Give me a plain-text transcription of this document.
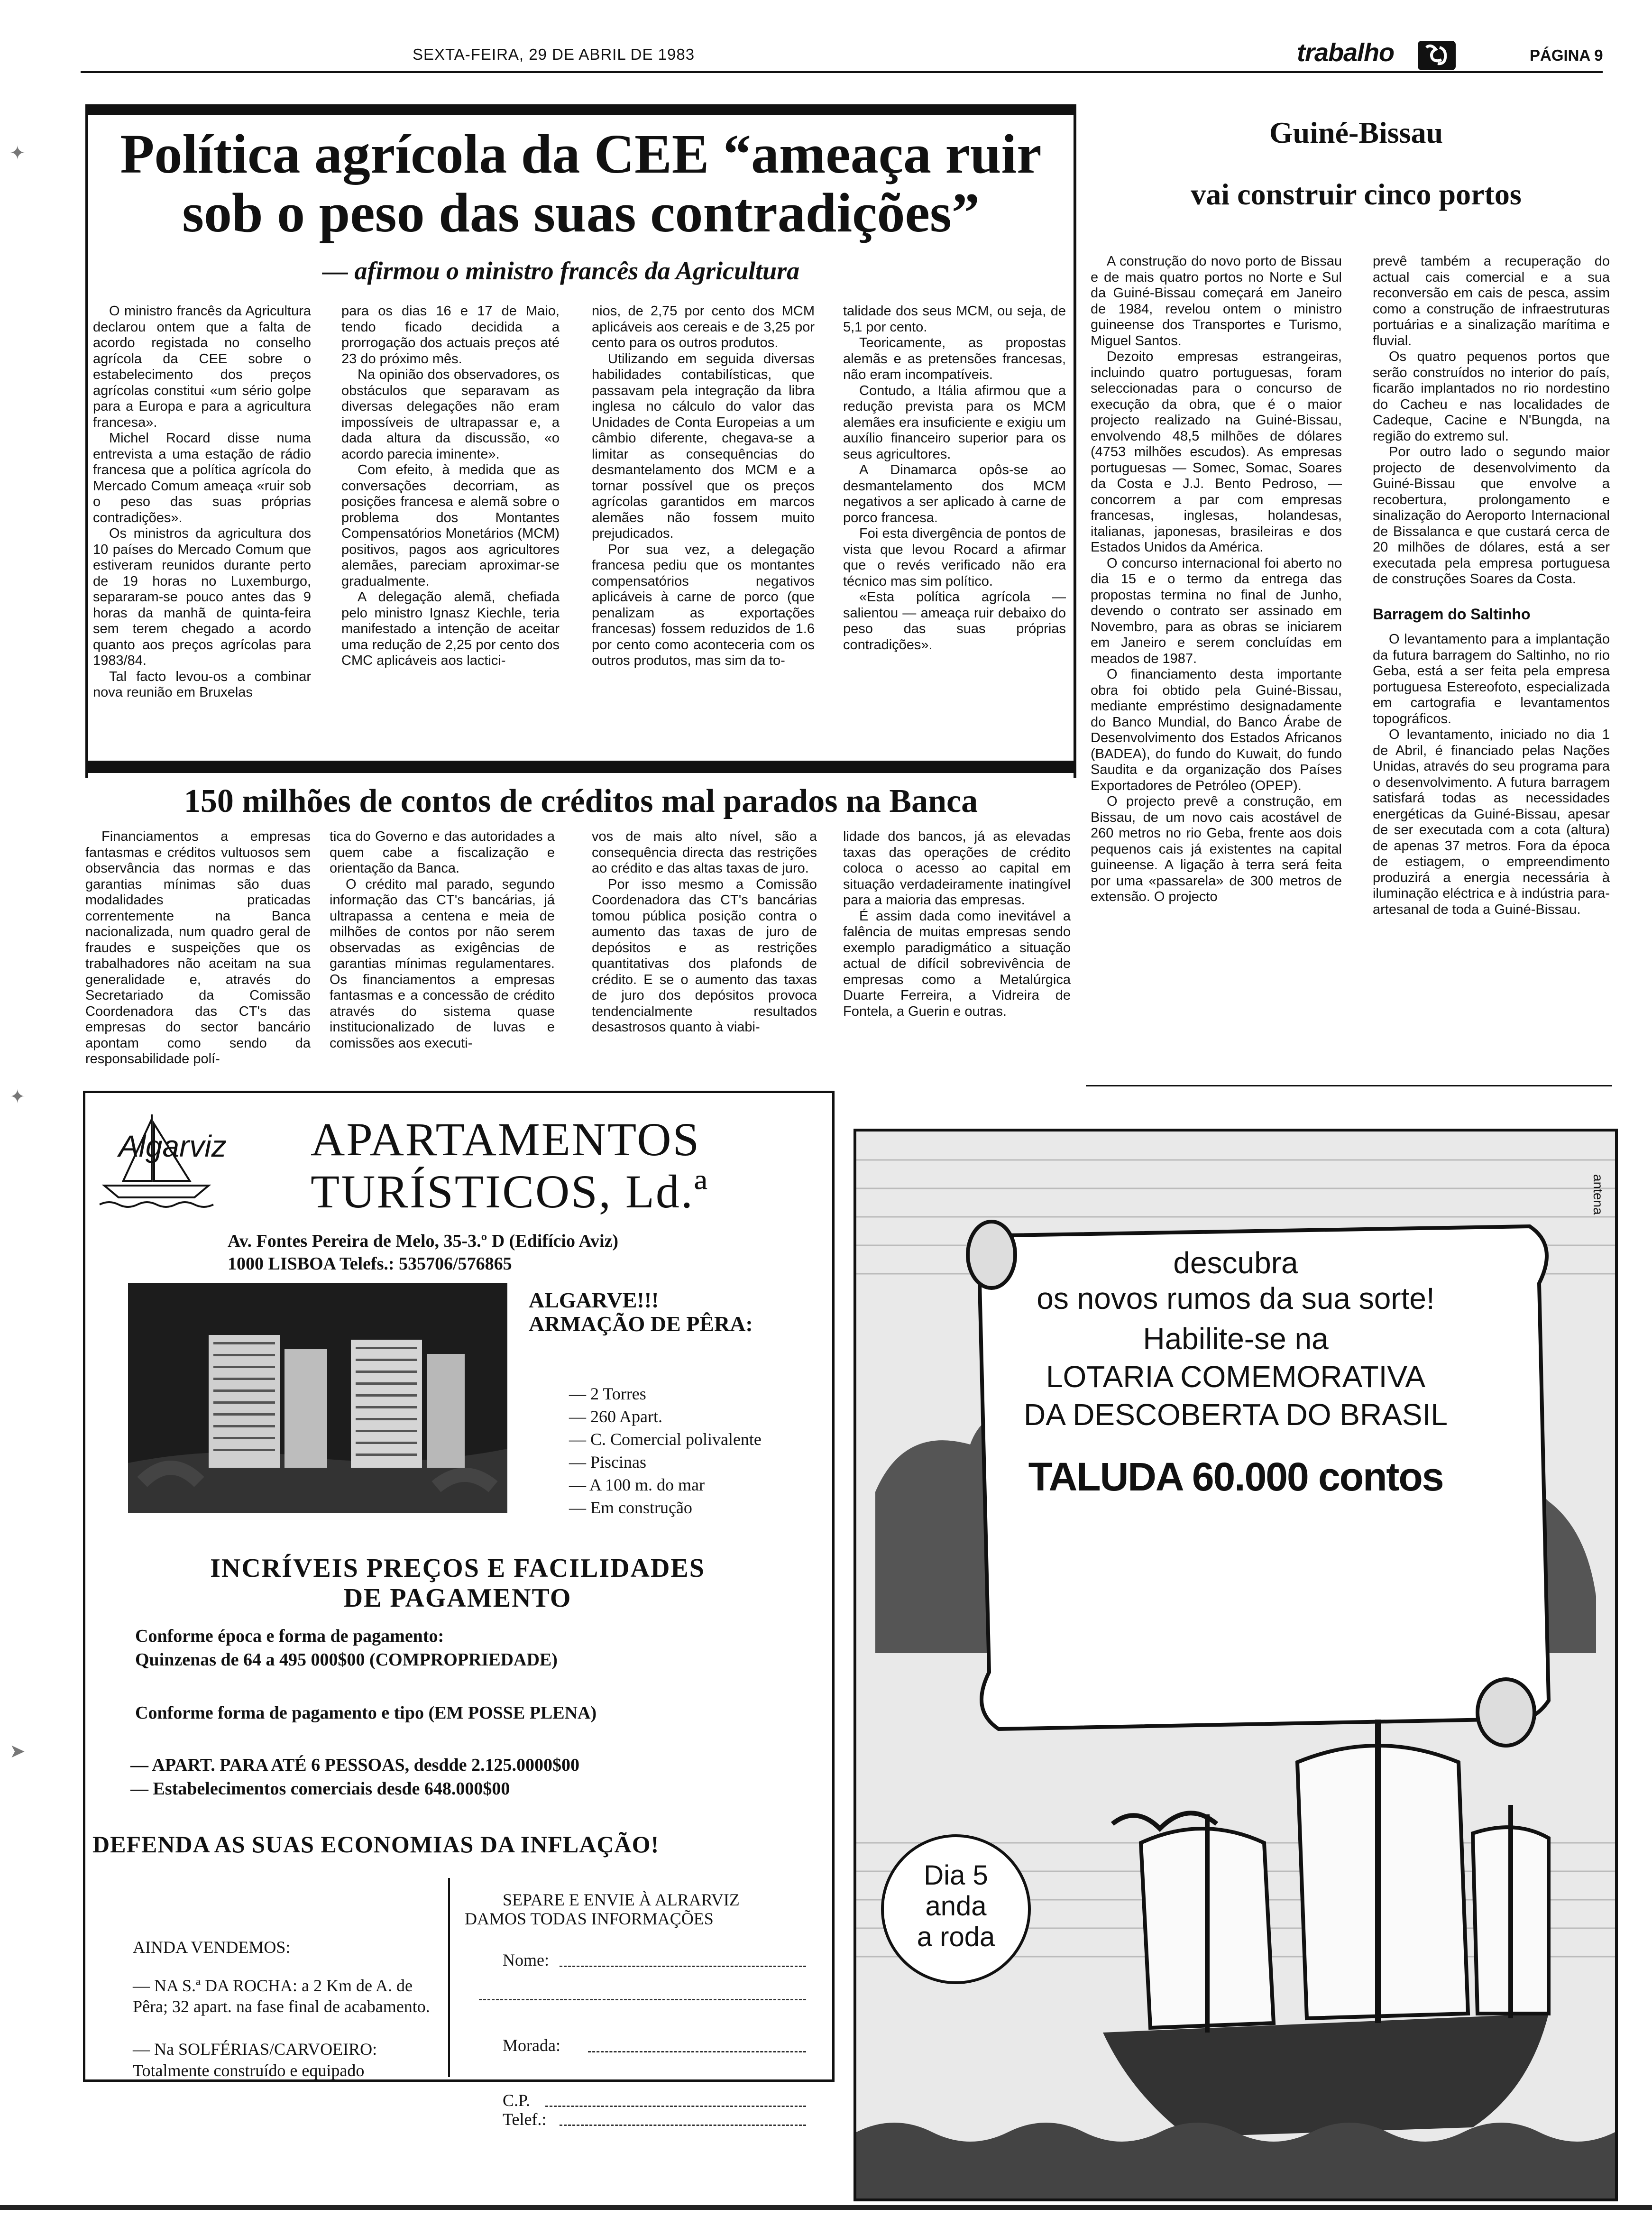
SEXTA-FEIRA, 29 DE ABRIL DE 1983	trabalho	PÁGINA 9
Política agrícola da CEE “ameaça ruir
sob o peso das suas contradições”
— afirmou o ministro francês da Agricultura

O ministro francês da Agricultura declarou ontem que a falta de acordo registada no conselho agrícola da CEE sobre o estabelecimento dos preços agrícolas constitui «um sério golpe para a Europa e para a agricultura francesa».

Michel Rocard disse numa entrevista a uma estação de rádio francesa que a política agrícola do Mercado Comum ameaça «ruir sob o peso das suas próprias contradições».

Os ministros da agricultura dos 10 países do Mercado Comum que estiveram reunidos durante perto de 19 horas no Luxemburgo, separaram-se pouco antes das 9 horas da manhã de quinta-feira sem terem chegado a acordo quanto aos preços agrícolas para 1983/84.

Tal facto levou-os a combinar nova reunião em Bruxelas

para os dias 16 e 17 de Maio, tendo ficado decidida a prorrogação dos actuais preços até 23 do próximo mês.

Na opinião dos observadores, os obstáculos que separavam as diversas delegações não eram impossíveis de ultrapassar e, a dada altura da discussão, «o acordo parecia iminente».

Com efeito, à medida que as conversações decorriam, as posições francesa e alemã sobre o problema dos Montantes Compensatórios Monetários (MCM) positivos, pagos aos agricultores alemães, pareciam aproximar-se gradualmente.

A delegação alemã, chefiada pelo ministro Ignasz Kiechle, teria manifestado a intenção de aceitar uma redução de 2,25 por cento dos CMC aplicáveis aos lactici-

nios, de 2,75 por cento dos MCM aplicáveis aos cereais e de 3,25 por cento para os outros produtos.

Utilizando em seguida diversas habilidades contabilísticas, que passavam pela integração da libra inglesa no cálculo do valor das Unidades de Conta Europeias a um câmbio diferente, chegava-se a limitar as consequências do desmantelamento dos MCM e a tornar possível que os preços agrícolas garantidos em marcos alemães não fossem muito prejudicados.

Por sua vez, a delegação francesa pediu que os montantes compensatórios negativos aplicáveis à carne de porco (que penalizam as exportações francesas) fossem reduzidos de 1.6 por cento como aconteceria com os outros produtos, mas sim da to-

talidade dos seus MCM, ou seja, de 5,1 por cento.

Teoricamente, as propostas alemãs e as pretensões francesas, não eram incompatíveis.

Contudo, a Itália afirmou que a redução prevista para os MCM alemães era insuficiente e exigiu um auxílio financeiro superior para os seus agricultores.

A Dinamarca opôs-se ao desmantelamento dos MCM negativos a ser aplicado à carne de porco francesa.

Foi esta divergência de pontos de vista que levou Rocard a afirmar que o revés verificado não era técnico mas sim político.

«Esta política agrícola — salientou — ameaça ruir debaixo do peso das suas próprias contradições».

150 milhões de contos de créditos mal parados na Banca

Financiamentos a empresas fantasmas e créditos vultuosos sem observância das normas e das garantias mínimas são duas modalidades praticadas correntemente na Banca nacionalizada, num quadro geral de fraudes e suspeições que os trabalhadores não aceitam na sua generalidade e, através do Secretariado da Comissão Coordenadora das CT's das empresas do sector bancário apontam como sendo da responsabilidade polí-

tica do Governo e das autoridades a quem cabe a fiscalização e orientação da Banca.

O crédito mal parado, segundo informação das CT's bancárias, já ultrapassa a centena e meia de milhões de contos por não serem observadas as exigências de garantias mínimas regulamentares. Os financiamentos a empresas fantasmas e a concessão de crédito através do sistema quase institucionalizado de luvas e comissões aos executi-

vos de mais alto nível, são a consequência directa das restrições ao crédito e das altas taxas de juro.

Por isso mesmo a Comissão Coordenadora das CT's bancárias tomou pública posição contra o aumento das taxas de juro de depósitos e as restrições quantitativas dos plafonds de crédito. E se o aumento das taxas de juro dos depósitos provoca tendencialmente resultados desastrosos quanto à viabi-

lidade dos bancos, já as elevadas taxas das operações de crédito coloca o acesso ao capital em situação verdadeiramente inatingível para a maioria das empresas.

É assim dada como inevitável a falência de muitas empresas sendo exemplo paradigmático a situação actual de difícil sobrevivência de empresas como a Metalúrgica Duarte Ferreira, a Vidreira de Fontela, a Guerin e outras.

Guiné-Bissau
vai construir cinco portos

A construção do novo porto de Bissau e de mais quatro portos no Norte e Sul da Guiné-Bissau começará em Janeiro de 1984, revelou ontem o ministro guineense dos Transportes e Turismo, Miguel Santos.

Dezoito empresas estrangeiras, incluindo quatro portuguesas, foram seleccionadas para o concurso de execução da obra, que é o maior projecto realizado na Guiné-Bissau, envolvendo 48,5 milhões de dólares (4753 milhões escudos). As empresas portuguesas — Somec, Somac, Soares da Costa e J.J. Bento Pedroso, — concorrem a par com empresas francesas, inglesas, holandesas, italianas, japonesas, brasileiras e dos Estados Unidos da América.

O concurso internacional foi aberto no dia 15 e o termo da entrega das propostas termina no final de Junho, devendo o contrato ser assinado em Novembro, para as obras se iniciarem em Janeiro e serem concluídas em meados de 1987.

O financiamento desta importante obra foi obtido pela Guiné-Bissau, mediante empréstimo designadamente do Banco Mundial, do Banco Árabe de Desenvolvimento dos Estados Africanos (BADEA), do fundo do Kuwait, do fundo Saudita e da organização dos Países Exportadores de Petróleo (OPEP).

O projecto prevê a construção, em Bissau, de um novo cais acostável de 260 metros no rio Geba, frente aos dois pequenos cais já existentes na capital guineense. A ligação à terra será feita por uma «passarela» de 300 metros de extensão. O projecto

prevê também a recuperação do actual cais comercial e a sua reconversão em cais de pesca, assim como a construção de infraestruturas portuárias e a sinalização marítima e fluvial.

Os quatro pequenos portos que serão construídos no interior do país, ficarão implantados no rio nordestino do Cacheu e nas localidades de Cadeque, Cacine e N'Bungda, na região do extremo sul.

Por outro lado o segundo maior projecto de desenvolvimento da Guiné-Bissau que envolve a recobertura, prolongamento e sinalização do Aeroporto Internacional de Bissalanca e que custará cerca de 20 milhões de dólares, está a ser executada pela empresa portuguesa de construções Soares da Costa.

Barragem do Saltinho

O levantamento para a implantação da futura barragem do Saltinho, no rio Geba, está a ser feita pela empresa portuguesa Estereofoto, especializada em cartografia e levantamentos topográficos.

O levantamento, iniciado no dia 1 de Abril, é financiado pelas Nações Unidas, através do seu programa para o desenvolvimento. A futura barragem satisfará todas as necessidades energéticas da Guiné-Bissau, apesar de ser executada com a cota (altura) de apenas 37 metros. Fora da época de estiagem, o empreendimento produzirá a energia necessária à iluminação eléctrica e à indústria para-artesanal de toda a Guiné-Bissau.

Algarviz APARTAMENTOS
TURÍSTICOS, Ld.ª
Av. Fontes Pereira de Melo, 35-3.º D (Edifício Aviz)
1000 LISBOA Telefs.: 535706/576865
ALGARVE!!!
ARMAÇÃO DE PÊRA:
— 2 Torres
— 260 Apart.
— C. Comercial polivalente
— Piscinas
— A 100 m. do mar
— Em construção
INCRÍVEIS PREÇOS E FACILIDADES
DE PAGAMENTO
Conforme época e forma de pagamento:
Quinzenas de 64 a 495 000$00 (COMPROPRIEDADE)
Conforme forma de pagamento e tipo (EM POSSE PLENA)
— APART. PARA ATÉ 6 PESSOAS, desdde 2.125.0000$00
— Estabelecimentos comerciais desde 648.000$00
DEFENDA AS SUAS ECONOMIAS DA INFLAÇÃO!
AINDA VENDEMOS:
— NA S.ª DA ROCHA: a 2 Km de A. de Pêra; 32 apart. na fase final de acabamento.
— Na SOLFÉRIAS/CARVOEIRO:
Totalmente construído e equipado
SEPARE E ENVIE À ALRARVIZ
DAMOS TODAS INFORMAÇÕES
Nome:
Morada:
C.P.
Telef.:
antena
descubra
os novos rumos da sua sorte!
Habilite-se na
LOTARIA COMEMORATIVA
DA DESCOBERTA DO BRASIL
TALUDA 60.000 contos
Dia 5
anda
a roda
✦
✦
➤
